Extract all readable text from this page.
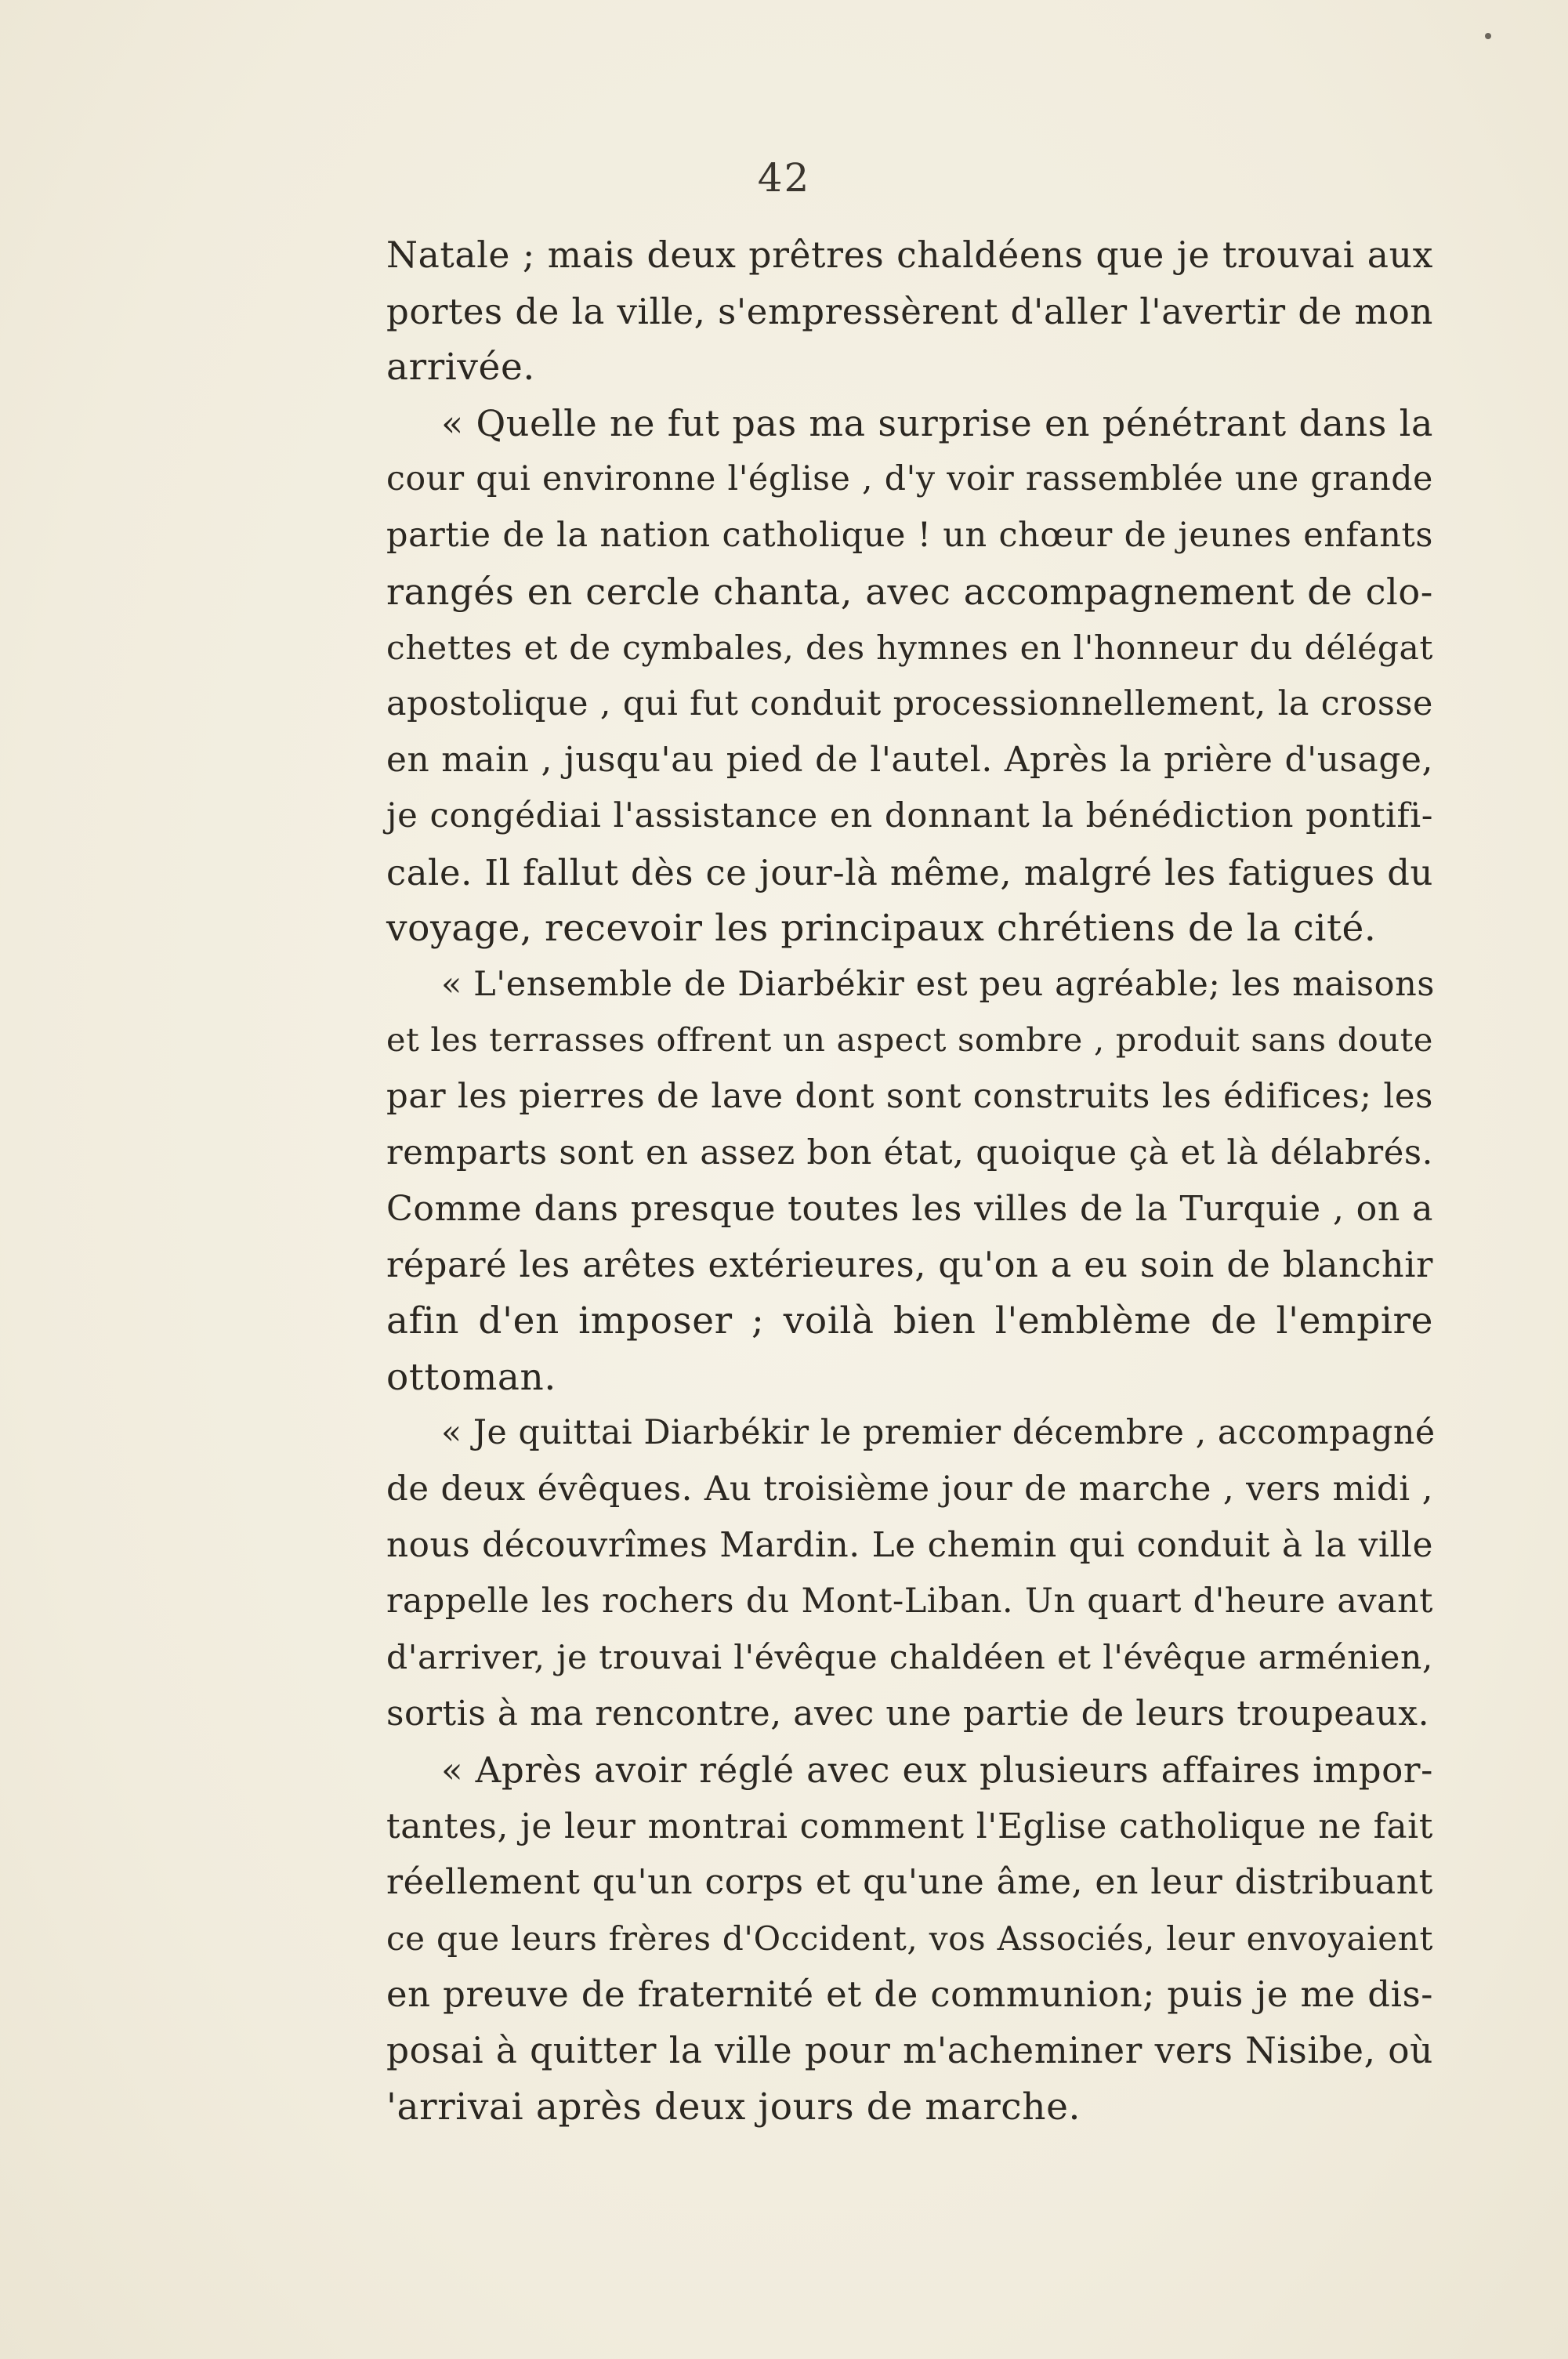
42
Natale ; mais deux prêtres chaldéens que je trouvai aux
portes de la ville, s'empressèrent d'aller l'avertir de mon
arrivée.
« Quelle ne fut pas ma surprise en pénétrant dans la
cour qui environne l'église , d'y voir rassemblée une grande
partie de la nation catholique ! un chœur de jeunes enfants
rangés en cercle chanta, avec accompagnement de clo-
chettes et de cymbales, des hymnes en l'honneur du délégat
apostolique , qui fut conduit processionnellement, la crosse
en main , jusqu'au pied de l'autel. Après la prière d'usage,
je congédiai l'assistance en donnant la bénédiction pontifi-
cale. Il fallut dès ce jour-là même, malgré les fatigues du
voyage, recevoir les principaux chrétiens de la cité.
« L'ensemble de Diarbékir est peu agréable; les maisons
et les terrasses offrent un aspect sombre , produit sans doute
par les pierres de lave dont sont construits les édifices; les
remparts sont en assez bon état, quoique çà et là délabrés.
Comme dans presque toutes les villes de la Turquie , on a
réparé les arêtes extérieures, qu'on a eu soin de blanchir
afin d'en imposer ; voilà bien l'emblème de l'empire
ottoman.
« Je quittai Diarbékir le premier décembre , accompagné
de deux évêques. Au troisième jour de marche , vers midi ,
nous découvrîmes Mardin. Le chemin qui conduit à la ville
rappelle les rochers du Mont-Liban. Un quart d'heure avant
d'arriver, je trouvai l'évêque chaldéen et l'évêque arménien,
sortis à ma rencontre, avec une partie de leurs troupeaux.
« Après avoir réglé avec eux plusieurs affaires impor-
tantes, je leur montrai comment l'Eglise catholique ne fait
réellement qu'un corps et qu'une âme, en leur distribuant
ce que leurs frères d'Occident, vos Associés, leur envoyaient
en preuve de fraternité et de communion; puis je me dis-
posai à quitter la ville pour m'acheminer vers Nisibe, où
'arrivai après deux jours de marche.
